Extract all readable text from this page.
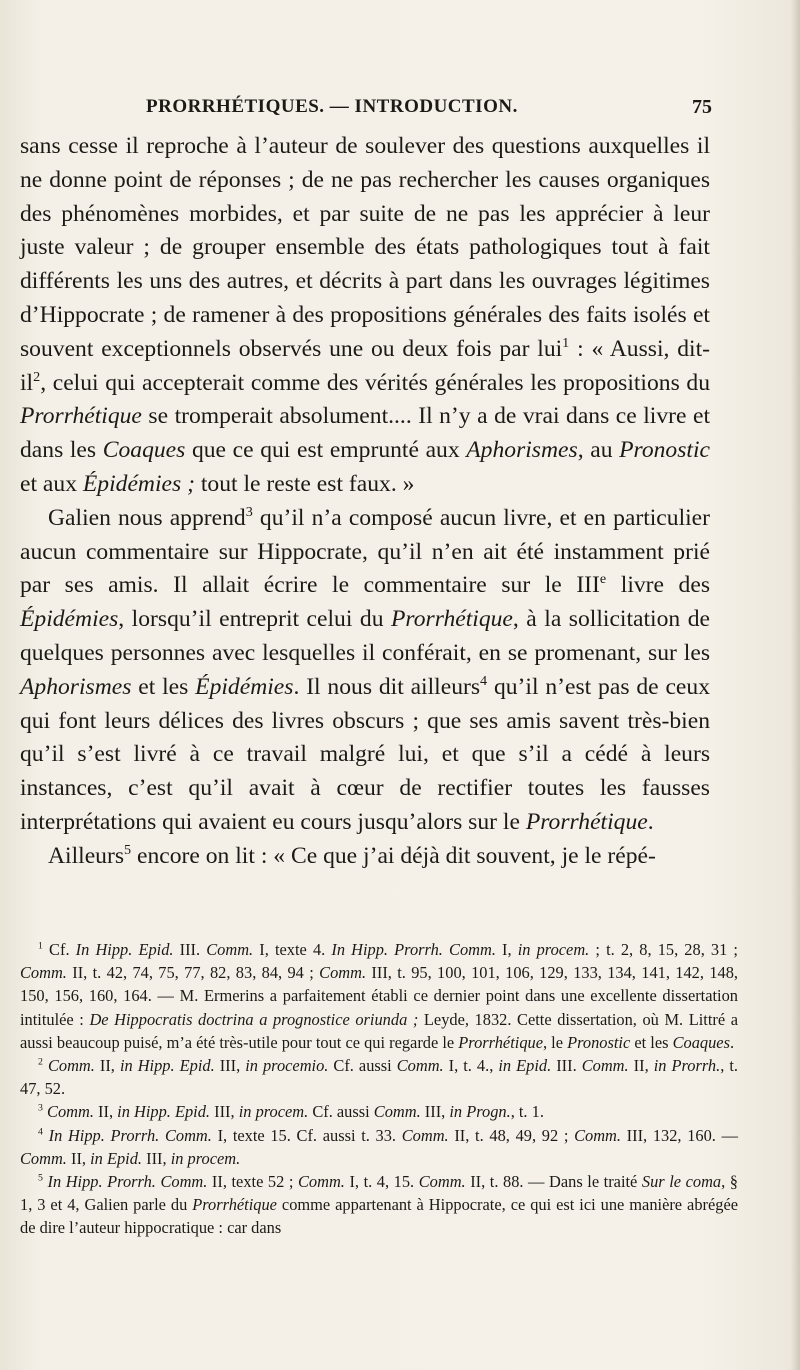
PRORRHÉTIQUES. — INTRODUCTION.	75

sans cesse il reproche à l’auteur de soulever des questions auxquelles il ne donne point de réponses ; de ne pas rechercher les causes organiques des phénomènes morbides, et par suite de ne pas les apprécier à leur juste valeur ; de grouper ensemble des états pathologiques tout à fait différents les uns des autres, et décrits à part dans les ouvrages légitimes d’Hippocrate ; de ramener à des propositions générales des faits isolés et souvent exceptionnels observés une ou deux fois par lui$^1$ : « Aussi, dit-$il^2$, celui qui accepterait comme des vérités générales les propositions du Prorrhétique se tromperait absolument.... Il n’y a de vrai dans ce livre et dans les Coaques que ce qui est emprunté aux Aphorismes, au Pronostic et aux Épidémies ; tout le reste est faux. »

Galien nous apprend$^3$ qu’il n’a composé aucun livre, et en particulier aucun commentaire sur Hippocrate, qu’il n’en ait été instamment prié par ses amis. Il allait écrire le commentaire sur le IIIe livre des Épidémies, lorsqu’il entreprit celui du Prorrhétique, à la sollicitation de quelques personnes avec lesquelles il conférait, en se promenant, sur les Aphorismes et les Épidémies. Il nous dit ailleurs$^4$ qu’il n’est pas de ceux qui font leurs délices des livres obscurs ; que ses amis savent très-bien qu’il s’est livré à ce travail malgré lui, et que s’il a cédé à leurs instances, c’est qu’il avait à cœur de rectifier toutes les fausses interprétations qui avaient eu cours jusqu’alors sur le Prorrhétique.

Ailleurs$^5$ encore on lit : « Ce que j’ai déjà dit souvent, je le répé-

$^1$ Cf. In Hipp. Epid. III. Comm. I, texte 4. In Hipp. Prorrh. Comm. I, in procem. ; t. 2, 8, 15, 28, 31 ; Comm. II, t. 42, 74, 75, 77, 82, 83, 84, 94 ; Comm. III, t. 95, 100, 101, 106, 129, 133, 134, 141, 142, 148, 150, 156, 160, 164. — M. Ermerins a parfaitement établi ce dernier point dans une excellente dissertation intitulée : De Hippocratis doctrina a prognostice oriunda ; Leyde, 1832. Cette dissertation, où M. Littré a aussi beaucoup puisé, m’a été très-utile pour tout ce qui regarde le Prorrhétique, le Pronostic et les Coaques.

$^2$ Comm. II, in Hipp. Epid. III, in procemio. Cf. aussi Comm. I, t. 4., in Epid. III. Comm. II, in Prorrh., t. 47, 52.

$^3$ Comm. II, in Hipp. Epid. III, in procem. Cf. aussi Comm. III, in Progn., t. 1.

$^4$ In Hipp. Prorrh. Comm. I, texte 15. Cf. aussi t. 33. Comm. II, t. 48, 49, 92 ; Comm. III, 132, 160. — Comm. II, in Epid. III, in procem.

$^5$ In Hipp. Prorrh. Comm. II, texte 52 ; Comm. I, t. 4, 15. Comm. II, t. 88. — Dans le traité Sur le coma, § 1, 3 et 4, Galien parle du Prorrhétique comme appartenant à Hippocrate, ce qui est ici une manière abrégée de dire l’auteur hippocratique : car dans
